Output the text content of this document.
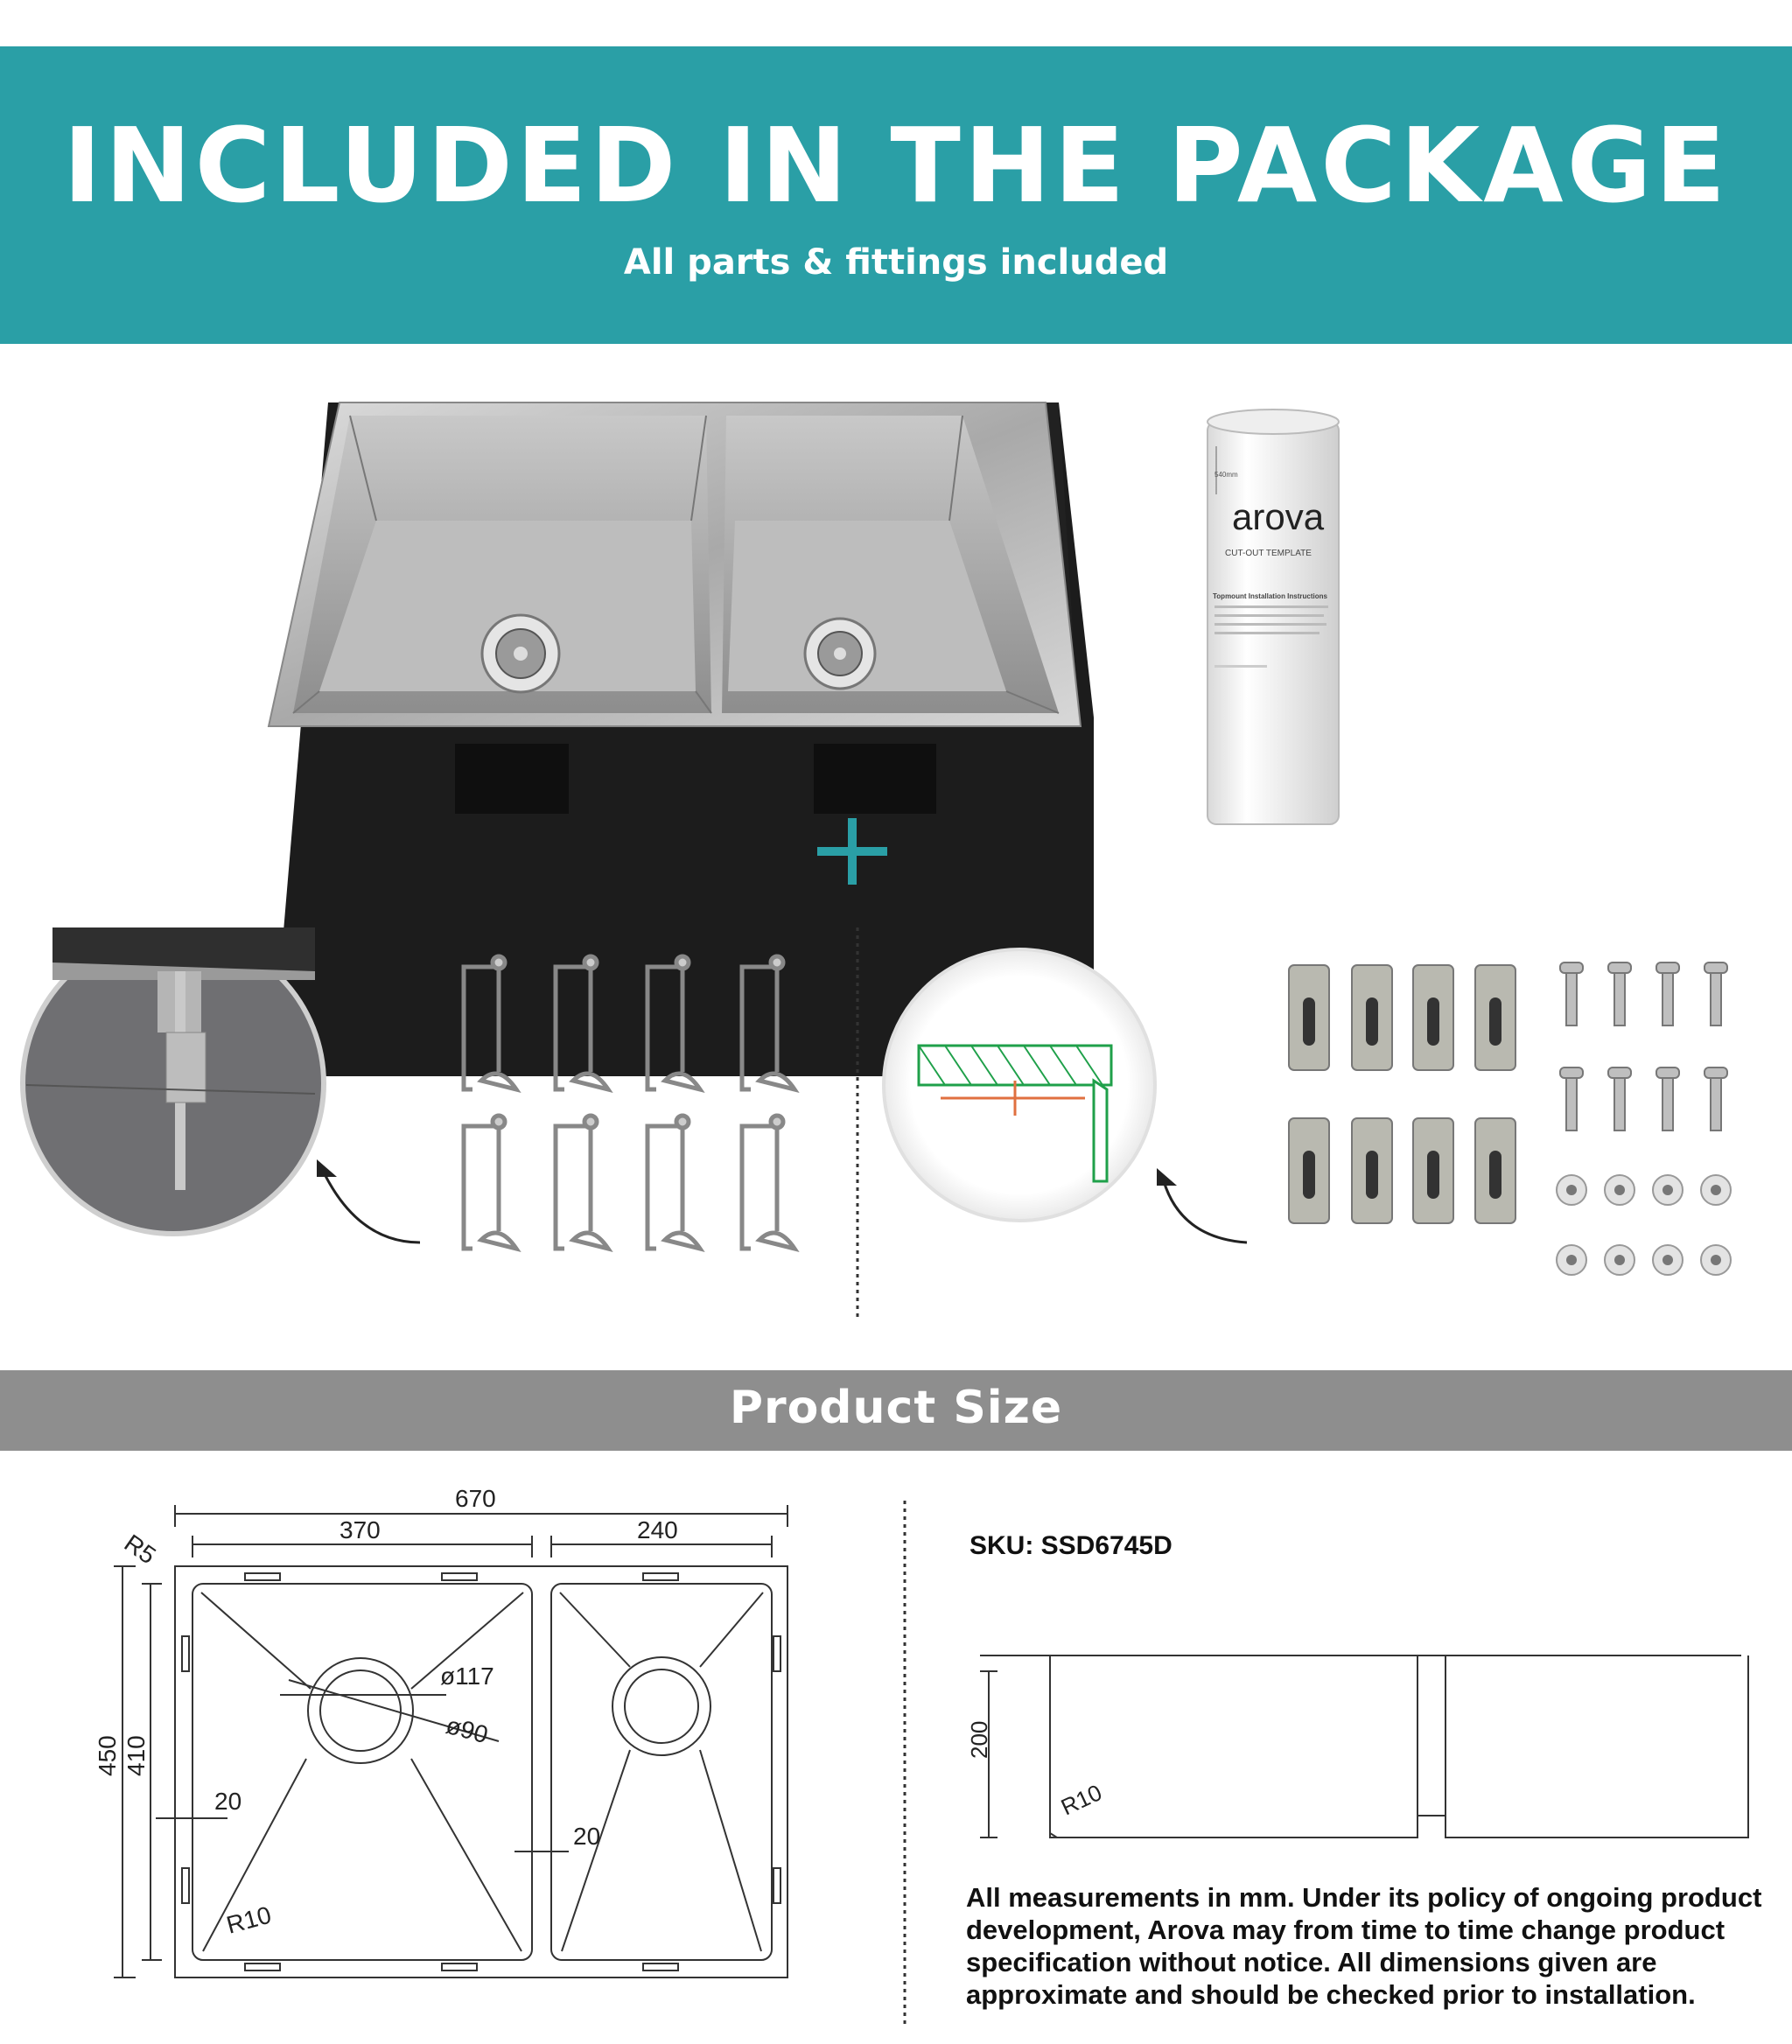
INCLUDED IN THE PACKAGE
All parts & fittings included
arova
CUT-OUT TEMPLATE
Topmount Installation Instructions
540mm
Product Size
670
370	240
R5
450 410
20
20
R10
ø117
ø90
SKU: SSD6745D
200
R10
All measurements in mm. Under its policy of ongoing product development, Arova may from time to time change product specification without notice. All dimensions given are approximate and should be checked prior to installation.
